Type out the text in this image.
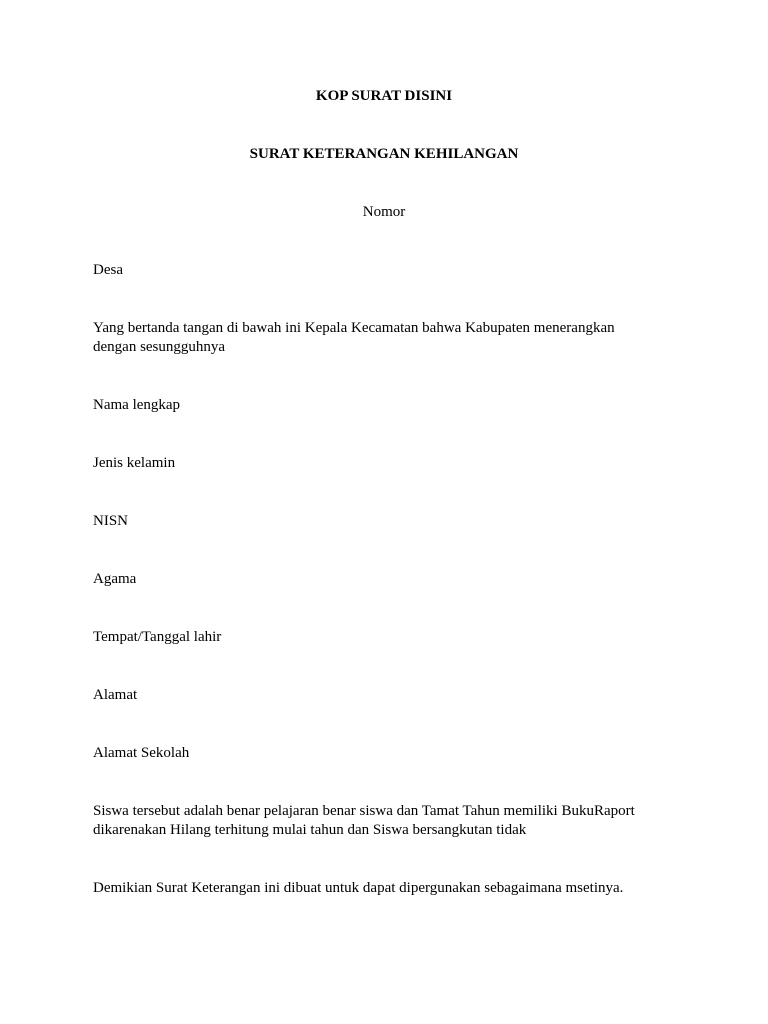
KOP SURAT DISINI
SURAT KETERANGAN KEHILANGAN
Nomor
Desa
Yang bertanda tangan di bawah ini Kepala Kecamatan bahwa Kabupaten menerangkan
dengan sesungguhnya
Nama lengkap
Jenis kelamin
NISN
Agama
Tempat/Tanggal lahir
Alamat
Alamat Sekolah
Siswa tersebut adalah benar pelajaran benar siswa dan Tamat Tahun memiliki BukuRaport
dikarenakan Hilang terhitung mulai tahun dan Siswa bersangkutan tidak
Demikian Surat Keterangan ini dibuat untuk dapat dipergunakan sebagaimana msetinya.
